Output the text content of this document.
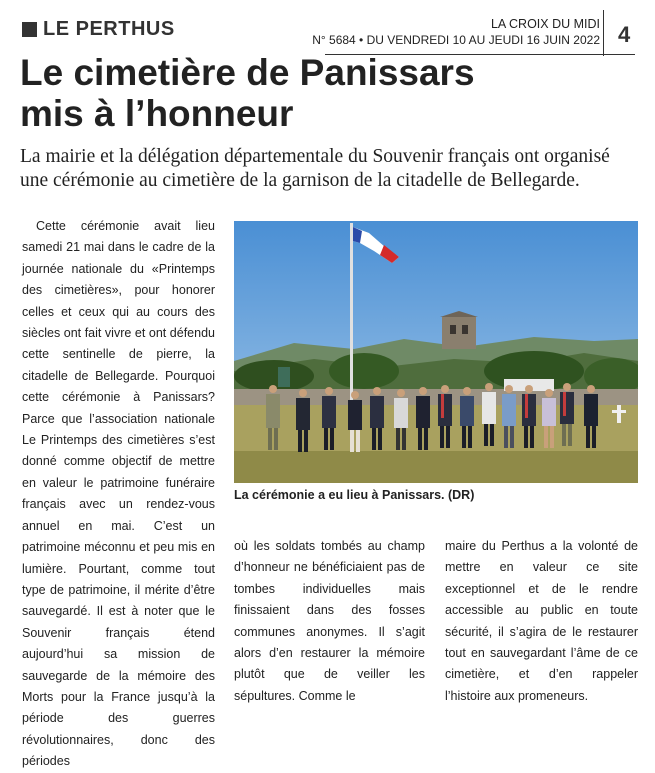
LE PERTHUS	LA CROIX DU MIDI
N° 5684 • DU VENDREDI 10 AU JEUDI 16 JUIN 2022 4
Le cimetière de Panissars
mis à l’honneur

La mairie et la délégation départementale du Souvenir français ont organisé une cérémonie au cimetière de la garnison de la citadelle de Bellegarde.

Cette cérémonie avait lieu samedi 21 mai dans le cadre de la journée nationale du «Printemps des cimetières», pour honorer celles et ceux qui au cours des siècles ont fait vivre et ont défendu cette sentinelle de pierre, la citadelle de Bellegarde. Pourquoi cette cérémonie à Panissars? Parce que l’association nationale Le Printemps des cimetières s’est donné comme objectif de mettre en valeur le patrimoine funéraire français avec un rendez-vous annuel en mai. C’est un patrimoine méconnu et peu mis en lumière. Pourtant, comme tout type de patrimoine, il mérite d’être sauvegardé. Il est à noter que le Souvenir français étend aujourd’hui sa mission de sauvegarde de la mémoire des Morts pour la France jusqu’à la période des guerres révolutionnaires, donc des périodes

La cérémonie a eu lieu à Panissars. (DR)

où les soldats tombés au champ d’honneur ne bénéficiaient pas de tombes individuelles mais finissaient dans des fosses communes anonymes. Il s’agit alors d’en restaurer la mémoire plutôt que de veiller les sépultures. Comme le

maire du Perthus a la volonté de mettre en valeur ce site exceptionnel et de le rendre accessible au public en toute sécurité, il s’agira de le restaurer tout en sauvegardant l’âme de ce cimetière, et d’en rappeler l’histoire aux promeneurs.
